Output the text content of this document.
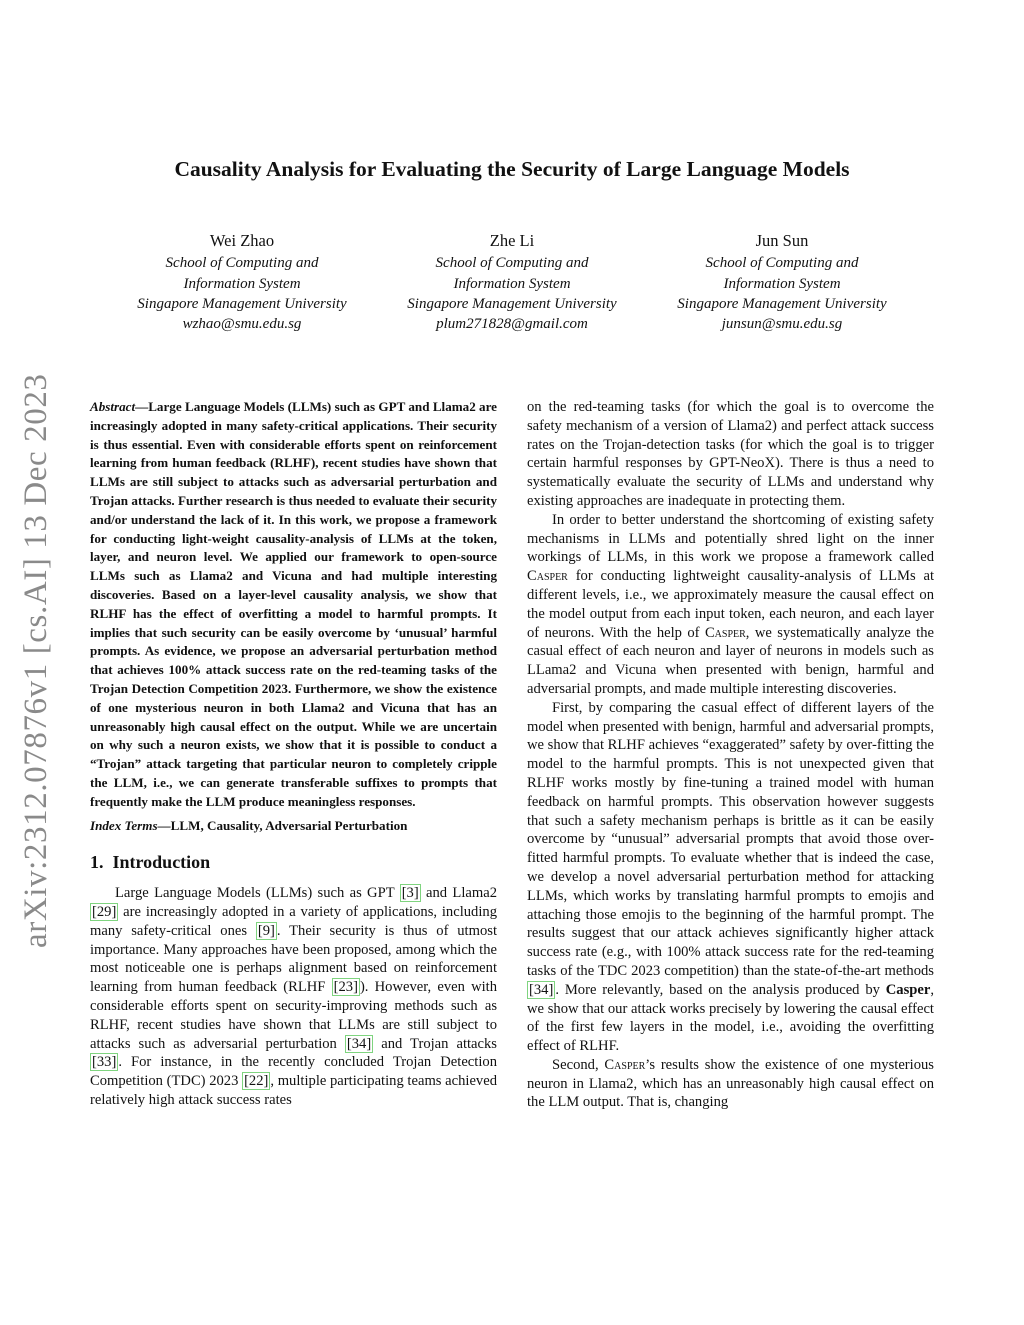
arXiv:2312.07876v1 [cs.AI] 13 Dec 2023
Causality Analysis for Evaluating the Security of Large Language Models
Wei Zhao
School of Computing and
Information System
Singapore Management University
wzhao@smu.edu.sg
Zhe Li
School of Computing and
Information System
Singapore Management University
plum271828@gmail.com
Jun Sun
School of Computing and
Information System
Singapore Management University
junsun@smu.edu.sg
Abstract—Large Language Models (LLMs) such as GPT and Llama2 are increasingly adopted in many safety-critical applications. Their security is thus essential. Even with considerable efforts spent on reinforcement learning from human feedback (RLHF), recent studies have shown that LLMs are still subject to attacks such as adversarial perturbation and Trojan attacks. Further research is thus needed to evaluate their security and/or understand the lack of it. In this work, we propose a framework for conducting light-weight causality-analysis of LLMs at the token, layer, and neuron level. We applied our framework to open-source LLMs such as Llama2 and Vicuna and had multiple interesting discoveries. Based on a layer-level causality analysis, we show that RLHF has the effect of overfitting a model to harmful prompts. It implies that such security can be easily overcome by ‘unusual’ harmful prompts. As evidence, we propose an adversarial perturbation method that achieves 100% attack success rate on the red-teaming tasks of the Trojan Detection Competition 2023. Furthermore, we show the existence of one mysterious neuron in both Llama2 and Vicuna that has an unreasonably high causal effect on the output. While we are uncertain on why such a neuron exists, we show that it is possible to conduct a “Trojan” attack targeting that particular neuron to completely cripple the LLM, i.e., we can generate transferable suffixes to prompts that frequently make the LLM produce meaningless responses.
Index Terms—LLM, Causality, Adversarial Perturbation
1. Introduction

Large Language Models (LLMs) such as GPT [3] and Llama2 [29] are increasingly adopted in a variety of applications, including many safety-critical ones [9] . Their security is thus of utmost importance. Many approaches have been proposed, among which the most noticeable one is perhaps alignment based on reinforcement learning from human feedback (RLHF [23] ). However, even with considerable efforts spent on security-improving methods such as RLHF, recent studies have shown that LLMs are still subject to attacks such as adversarial perturbation [34] and Trojan attacks [33] . For instance, in the recently concluded Trojan Detection Competition (TDC) 2023 [22] , multiple participating teams achieved relatively high attack success rates

on the red-teaming tasks (for which the goal is to overcome the safety mechanism of a version of Llama2) and perfect attack success rates on the Trojan-detection tasks (for which the goal is to trigger certain harmful responses by GPT-NeoX). There is thus a need to systematically evaluate the security of LLMs and understand why existing approaches are inadequate in protecting them.

In order to better understand the shortcoming of existing safety mechanisms in LLMs and potentially shred light on the inner workings of LLMs, in this work we propose a framework called Casper for conducting lightweight causality-analysis of LLMs at different levels, i.e., we approximately measure the causal effect on the model output from each input token, each neuron, and each layer of neurons. With the help of Casper, we systematically analyze the casual effect of each neuron and layer of neurons in models such as LLama2 and Vicuna when presented with benign, harmful and adversarial prompts, and made multiple interesting discoveries.

First, by comparing the casual effect of different layers of the model when presented with benign, harmful and adversarial prompts, we show that RLHF achieves “exaggerated” safety by over-fitting the model to the harmful prompts. This is not unexpected given that RLHF works mostly by fine-tuning a trained model with human feedback on harmful prompts. This observation however suggests that such a safety mechanism perhaps is brittle as it can be easily overcome by “unusual” adversarial prompts that avoid those over-fitted harmful prompts. To evaluate whether that is indeed the case, we develop a novel adversarial perturbation method for attacking LLMs, which works by translating harmful prompts to emojis and attaching those emojis to the beginning of the harmful prompt. The results suggest that our attack achieves significantly higher attack success rate (e.g., with 100% attack success rate for the red-teaming tasks of the TDC 2023 competition) than the state-of-the-art methods [34] . More relevantly, based on the analysis produced by Casper, we show that our attack works precisely by lowering the causal effect of the first few layers in the model, i.e., avoiding the overfitting effect of RLHF.

Second, Casper’s results show the existence of one mysterious neuron in Llama2, which has an unreasonably high causal effect on the LLM output. That is, changing
